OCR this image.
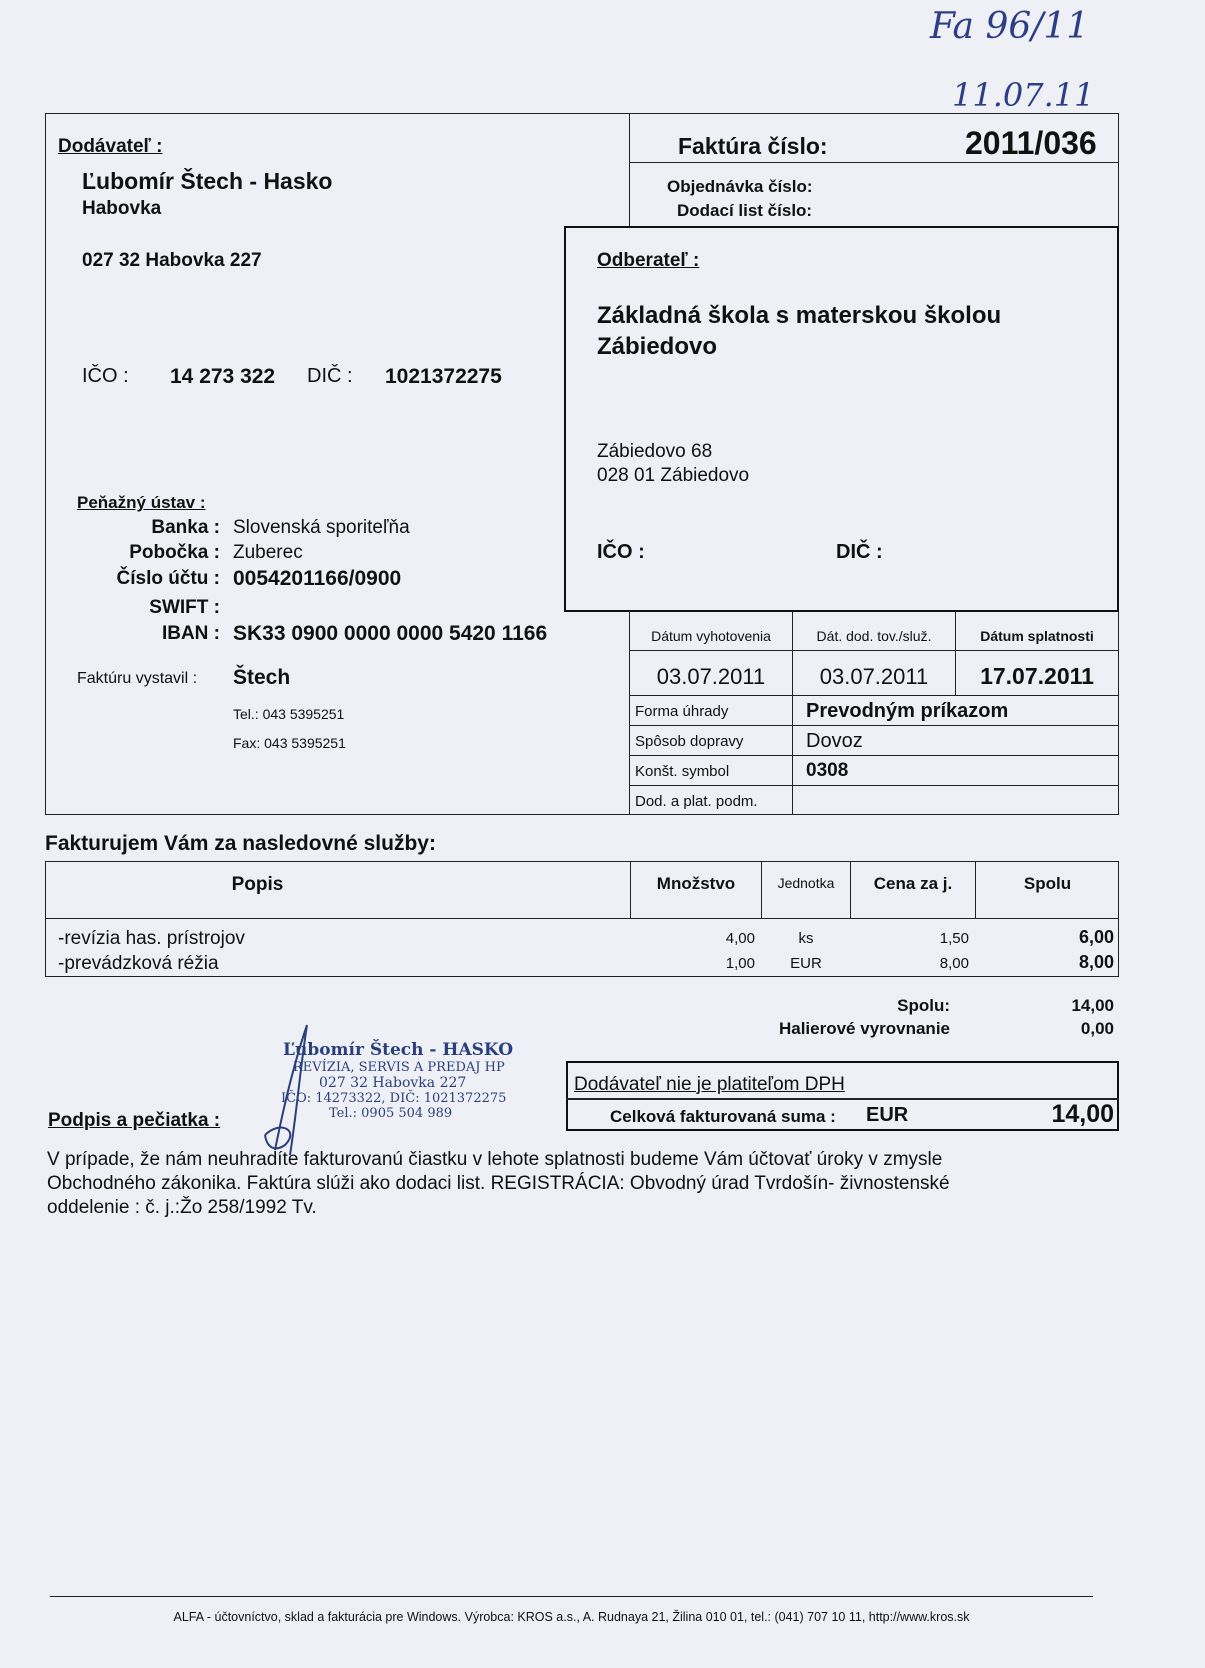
Fa 96/11
11.07.11
Dodávateľ :
Ľubomír Štech - Hasko
Habovka
027 32 Habovka 227
IČO : 14 273 322 DIČ : 1021372275
Peňažný ústav :
Banka : Slovenská sporiteľňa
Pobočka : Zuberec
Číslo účtu : 0054201166/0900
SWIFT :
IBAN : SK33 0900 0000 0000 5420 1166
Faktúru vystavil : Štech
Tel.: 043 5395251
Fax: 043 5395251
Faktúra číslo:	2011/036
Objednávka číslo:
Dodací list číslo:
Odberateľ :
Základná škola s materskou školou
Zábiedovo
Zábiedovo 68
028 01 Zábiedovo
IČO :	DIČ :
Dátum vyhotovenia	Dát. dod. tov./služ.	Dátum splatnosti
03.07.2011	03.07.2011	17.07.2011
Forma úhrady	Prevodným príkazom
Spôsob dopravy	Dovoz
Konšt. symbol	0308
Dod. a plat. podm.
Fakturujem Vám za nasledovné služby:
Popis	Množstvo	Jednotka	Cena za j.	Spolu
-revízia has. prístrojov	4,00	ks	1,50	6,00
-prevádzková réžia	1,00	EUR	8,00	8,00
Spolu:	14,00
Halierové vyrovnanie	0,00
Dodávateľ nie je platiteľom DPH
Celková fakturovaná suma : EUR	14,00
Podpis a pečiatka :
Ľubomír Štech - HASKO
REVÍZIA, SERVIS A PREDAJ HP
027 32 Habovka 227
IČO: 14273322, DIČ: 1021372275
Tel.: 0905 504 989
V prípade, že nám neuhradíte fakturovanú čiastku v lehote splatnosti budeme Vám účtovať úroky v zmysle
Obchodného zákonika. Faktúra slúži ako dodaci list. REGISTRÁCIA: Obvodný úrad Tvrdošín- živnostenské
oddelenie : č. j.:Žo 258/1992 Tv.
ALFA - účtovníctvo, sklad a fakturácia pre Windows. Výrobca: KROS a.s., A. Rudnaya 21, Žilina 010 01, tel.: (041) 707 10 11, http://www.kros.sk
